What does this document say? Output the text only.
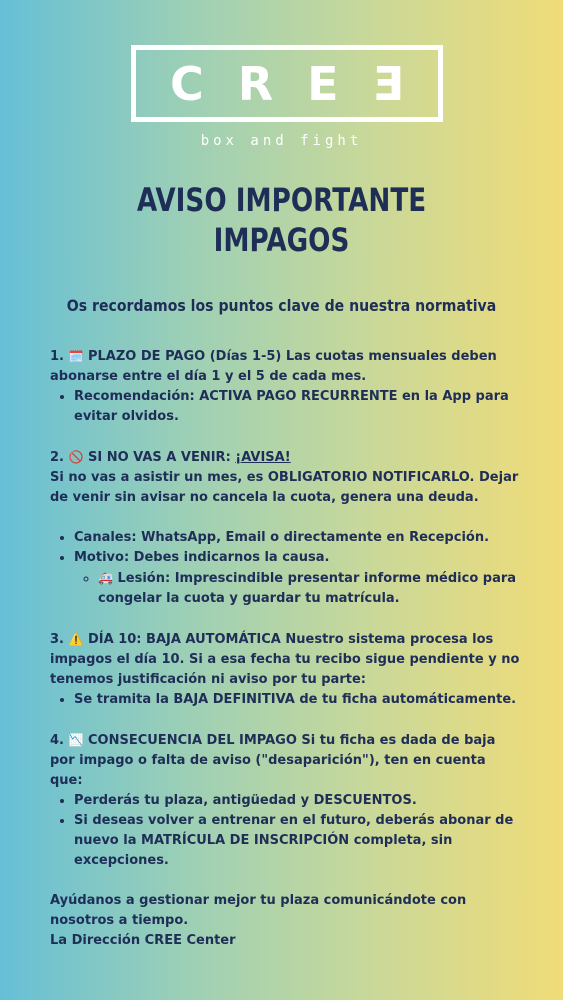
C R E E
box and fight
AVISO IMPORTANTE
IMPAGOS
Os recordamos los puntos clave de nuestra normativa

1. 🗓️ PLAZO DE PAGO (Días 1-5) Las cuotas mensuales deben abonarse entre el día 1 y el 5 de cada mes.

• Recomendación: ACTIVA PAGO RECURRENTE en la App para evitar olvidos.

2. 🚫 SI NO VAS A VENIR: ¡AVISA!

Si no vas a asistir un mes, es OBLIGATORIO NOTIFICARLO. Dejar de venir sin avisar no cancela la cuota, genera una deuda.

• Canales: WhatsApp, Email o directamente en Recepción.
• Motivo: Debes indicarnos la causa.
◦ 🚑 Lesión: Imprescindible presentar informe médico para congelar la cuota y guardar tu matrícula.

3. ⚠️ DÍA 10: BAJA AUTOMÁTICA Nuestro sistema procesa los impagos el día 10. Si a esa fecha tu recibo sigue pendiente y no tenemos justificación ni aviso por tu parte:

• Se tramita la BAJA DEFINITIVA de tu ficha automáticamente.

4. 📉 CONSECUENCIA DEL IMPAGO Si tu ficha es dada de baja por impago o falta de aviso ("desaparición"), ten en cuenta que:

• Perderás tu plaza, antigüedad y DESCUENTOS.
• Si deseas volver a entrenar en el futuro, deberás abonar de nuevo la MATRÍCULA DE INSCRIPCIÓN completa, sin excepciones.

Ayúdanos a gestionar mejor tu plaza comunicándote con nosotros a tiempo.

La Dirección CREE Center
